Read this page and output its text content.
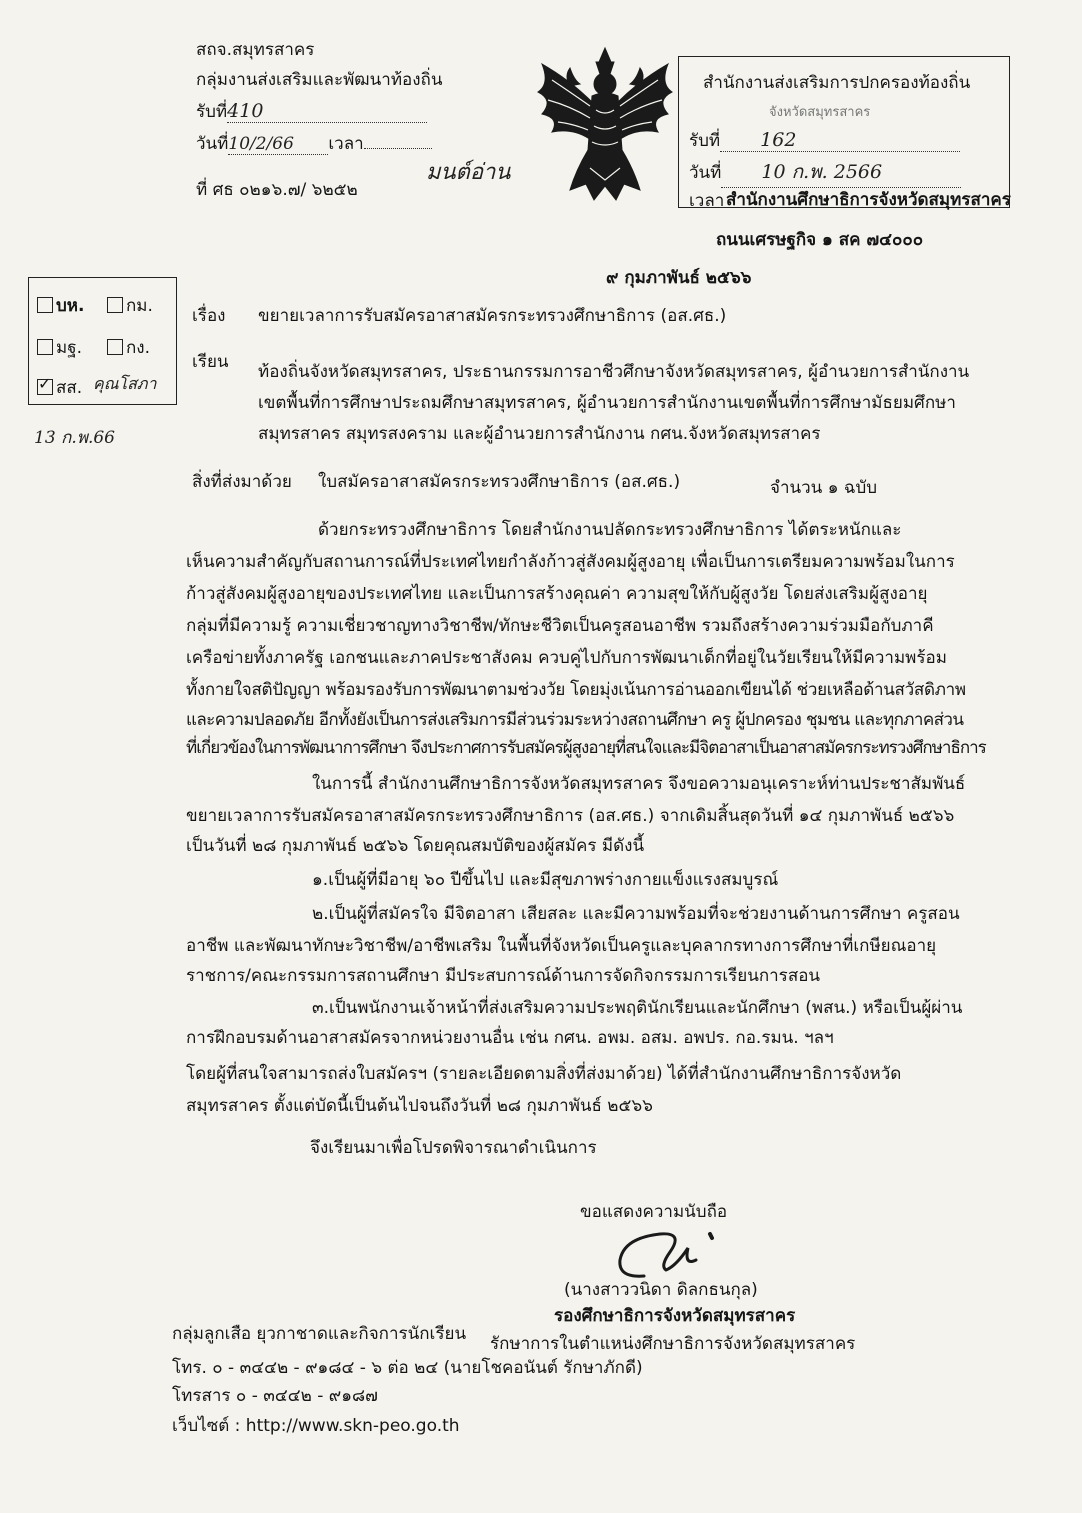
สถจ.สมุทรสาคร
กลุ่มงานส่งเสริมและพัฒนาท้องถิ่น
รับที่410
วันที่10/2/66 เวลา
ที่ ศธ ๐๒๑๖.๗/ ๖๒๕๒
มนต์อ่าน
สำนักงานส่งเสริมการปกครองท้องถิ่น
จังหวัดสมุทรสาคร
รับที่ 162
วันที่ 10 ก.พ. 2566
เวลา สำนักงานศึกษาธิการจังหวัดสมุทรสาคร
ถนนเศรษฐกิจ ๑ สค ๗๔๐๐๐
๙ กุมภาพันธ์ ๒๕๖๖
บห.	กม.
มฐ.	กง.
✓สส. คุณโสภา
13 ก.พ.66
เรื่อง ขยายเวลาการรับสมัครอาสาสมัครกระทรวงศึกษาธิการ (อส.ศธ.)
เรียน ท้องถิ่นจังหวัดสมุทรสาคร, ประธานกรรมการอาชีวศึกษาจังหวัดสมุทรสาคร, ผู้อำนวยการสำนักงาน
เขตพื้นที่การศึกษาประถมศึกษาสมุทรสาคร, ผู้อำนวยการสำนักงานเขตพื้นที่การศึกษามัธยมศึกษา
สมุทรสาคร สมุทรสงคราม และผู้อำนวยการสำนักงาน กศน.จังหวัดสมุทรสาคร
สิ่งที่ส่งมาด้วย ใบสมัครอาสาสมัครกระทรวงศึกษาธิการ (อส.ศธ.)	จำนวน ๑ ฉบับ
ด้วยกระทรวงศึกษาธิการ โดยสำนักงานปลัดกระทรวงศึกษาธิการ ได้ตระหนักและ
เห็นความสำคัญกับสถานการณ์ที่ประเทศไทยกำลังก้าวสู่สังคมผู้สูงอายุ เพื่อเป็นการเตรียมความพร้อมในการ
ก้าวสู่สังคมผู้สูงอายุของประเทศไทย และเป็นการสร้างคุณค่า ความสุขให้กับผู้สูงวัย โดยส่งเสริมผู้สูงอายุ
กลุ่มที่มีความรู้ ความเชี่ยวชาญทางวิชาชีพ/ทักษะชีวิตเป็นครูสอนอาชีพ รวมถึงสร้างความร่วมมือกับภาคี
เครือข่ายทั้งภาครัฐ เอกชนและภาคประชาสังคม ควบคู่ไปกับการพัฒนาเด็กที่อยู่ในวัยเรียนให้มีความพร้อม
ทั้งกายใจสติปัญญา พร้อมรองรับการพัฒนาตามช่วงวัย โดยมุ่งเน้นการอ่านออกเขียนได้ ช่วยเหลือด้านสวัสดิภาพ
และความปลอดภัย อีกทั้งยังเป็นการส่งเสริมการมีส่วนร่วมระหว่างสถานศึกษา ครู ผู้ปกครอง ชุมชน และทุกภาคส่วน
ที่เกี่ยวข้องในการพัฒนาการศึกษา จึงประกาศการรับสมัครผู้สูงอายุที่สนใจและมีจิตอาสาเป็นอาสาสมัครกระทรวงศึกษาธิการ
ในการนี้ สำนักงานศึกษาธิการจังหวัดสมุทรสาคร จึงขอความอนุเคราะห์ท่านประชาสัมพันธ์
ขยายเวลาการรับสมัครอาสาสมัครกระทรวงศึกษาธิการ (อส.ศธ.) จากเดิมสิ้นสุดวันที่ ๑๔ กุมภาพันธ์ ๒๕๖๖
เป็นวันที่ ๒๘ กุมภาพันธ์ ๒๕๖๖ โดยคุณสมบัติของผู้สมัคร มีดังนี้
๑.เป็นผู้ที่มีอายุ ๖๐ ปีขึ้นไป และมีสุขภาพร่างกายแข็งแรงสมบูรณ์
๒.เป็นผู้ที่สมัครใจ มีจิตอาสา เสียสละ และมีความพร้อมที่จะช่วยงานด้านการศึกษา ครูสอน
อาชีพ และพัฒนาทักษะวิชาชีพ/อาชีพเสริม ในพื้นที่จังหวัดเป็นครูและบุคลากรทางการศึกษาที่เกษียณอายุ
ราชการ/คณะกรรมการสถานศึกษา มีประสบการณ์ด้านการจัดกิจกรรมการเรียนการสอน
๓.เป็นพนักงานเจ้าหน้าที่ส่งเสริมความประพฤตินักเรียนและนักศึกษา (พสน.) หรือเป็นผู้ผ่าน
การฝึกอบรมด้านอาสาสมัครจากหน่วยงานอื่น เช่น กศน. อพม. อสม. อพปร. กอ.รมน. ฯลฯ
โดยผู้ที่สนใจสามารถส่งใบสมัครฯ (รายละเอียดตามสิ่งที่ส่งมาด้วย) ได้ที่สำนักงานศึกษาธิการจังหวัด
สมุทรสาคร ตั้งแต่บัดนี้เป็นต้นไปจนถึงวันที่ ๒๘ กุมภาพันธ์ ๒๕๖๖
จึงเรียนมาเพื่อโปรดพิจารณาดำเนินการ
ขอแสดงความนับถือ
(นางสาววนิดา ดิลกธนกุล)
รองศึกษาธิการจังหวัดสมุทรสาคร
รักษาการในตำแหน่งศึกษาธิการจังหวัดสมุทรสาคร
กลุ่มลูกเสือ ยุวกาชาดและกิจการนักเรียน
โทร. ๐ - ๓๔๔๒ - ๙๑๘๔ - ๖ ต่อ ๒๔ (นายโชคอนันต์ รักษาภักดี)
โทรสาร ๐ - ๓๔๔๒ - ๙๑๘๗
เว็บไซต์ : http://www.skn-peo.go.th
